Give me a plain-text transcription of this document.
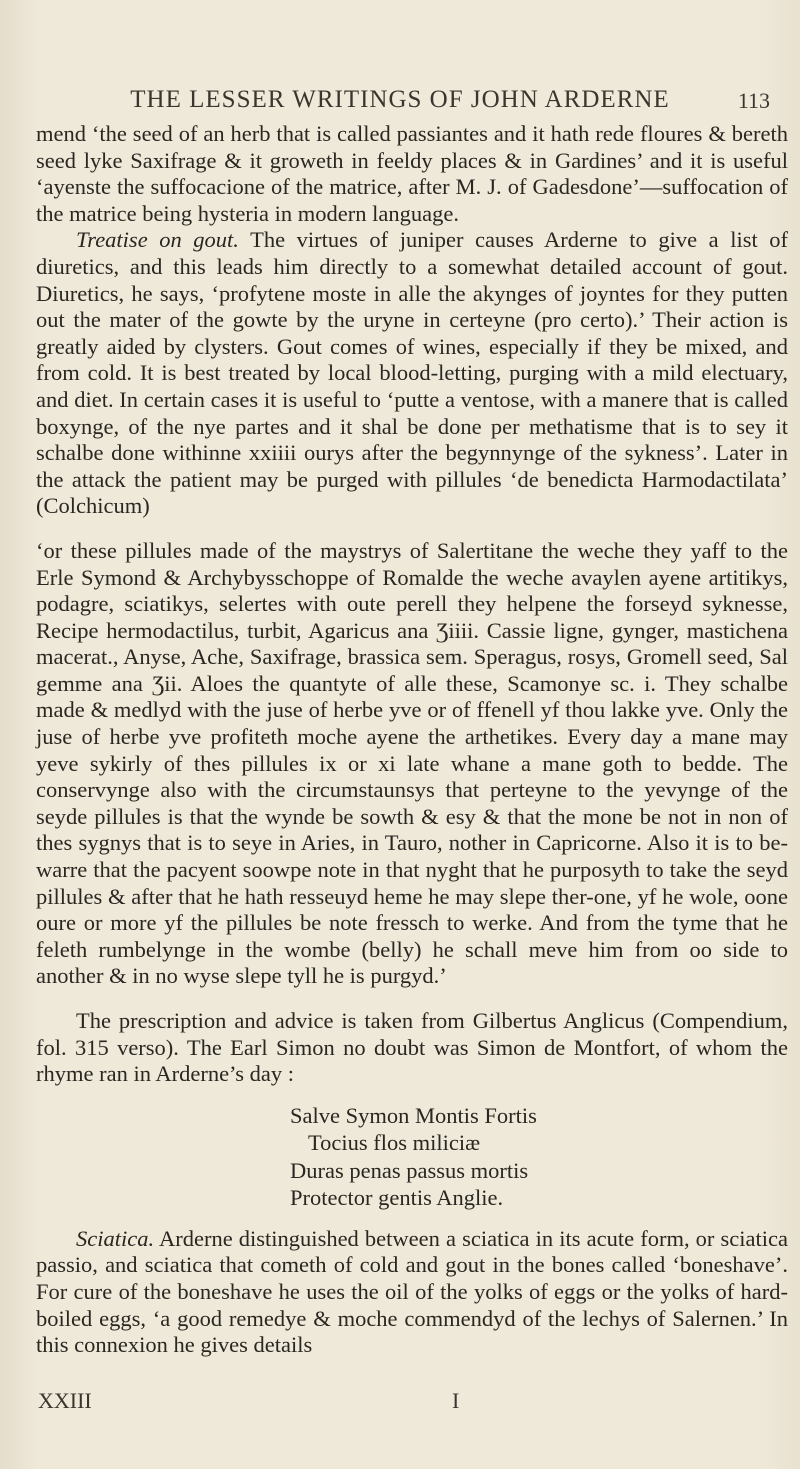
THE LESSER WRITINGS OF JOHN ARDERNE	113

mend ‘the seed of an herb that is called passiantes and it hath rede floures & bereth seed lyke Saxifrage & it groweth in feeldy places & in Gardines’ and it is useful ‘ayenste the suffocacione of the matrice, after M. J. of Gadesdone’—suffocation of the matrice being hysteria in modern language.

Treatise on gout. The virtues of juniper causes Arderne to give a list of diuretics, and this leads him directly to a somewhat detailed account of gout. Diuretics, he says, ‘profytene moste in alle the akynges of joyntes for they putten out the mater of the gowte by the uryne in certeyne (pro certo).’ Their action is greatly aided by clysters. Gout comes of wines, especially if they be mixed, and from cold. It is best treated by local blood-letting, purging with a mild electuary, and diet. In certain cases it is useful to ‘putte a ventose, with a manere that is called boxynge, of the nye partes and it shal be done per methatisme that is to sey it schalbe done withinne xxiiii ourys after the begynnynge of the sykness’. Later in the attack the patient may be purged with pillules ‘de benedicta Harmodactilata’ (Colchicum)

‘or these pillules made of the maystrys of Salertitane the weche they yaff to the Erle Symond & Archybysschoppe of Romalde the weche avaylen ayene artitikys, podagre, sciatikys, selertes with oute perell they helpene the forseyd syknesse, Recipe hermodactilus, turbit, Agaricus ana Ʒiiii. Cassie ligne, gynger, mastichena macerat., Anyse, Ache, Saxifrage, brassica sem. Speragus, rosys, Gromell seed, Sal gemme ana Ʒii. Aloes the quantyte of alle these, Scamonye sc. i. They schalbe made & medlyd with the juse of herbe yve or of ffenell yf thou lakke yve. Only the juse of herbe yve profiteth moche ayene the arthetikes. Every day a mane may yeve sykirly of thes pillules ix or xi late whane a mane goth to bedde. The conservynge also with the circumstaunsys that perteyne to the yevynge of the seyde pillules is that the wynde be sowth & esy & that the mone be not in non of thes sygnys that is to seye in Aries, in Tauro, nother in Capricorne. Also it is to be-warre that the pacyent soowpe note in that nyght that he purposyth to take the seyd pillules & after that he hath resseuyd heme he may slepe ther-one, yf he wole, oone oure or more yf the pillules be note fressch to werke. And from the tyme that he feleth rumbelynge in the wombe (belly) he schall meve him from oo side to another & in no wyse slepe tyll he is purgyd.’

The prescription and advice is taken from Gilbertus Anglicus (Compendium, fol. 315 verso). The Earl Simon no doubt was Simon de Montfort, of whom the rhyme ran in Arderne’s day :

Salve Symon Montis Fortis
Tocius flos miliciæ
Duras penas passus mortis
Protector gentis Anglie.

Sciatica. Arderne distinguished between a sciatica in its acute form, or sciatica passio, and sciatica that cometh of cold and gout in the bones called ‘boneshave’. For cure of the boneshave he uses the oil of the yolks of eggs or the yolks of hard-boiled eggs, ‘a good remedye & moche commendyd of the lechys of Salernen.’ In this connexion he gives details

XXIII	I
